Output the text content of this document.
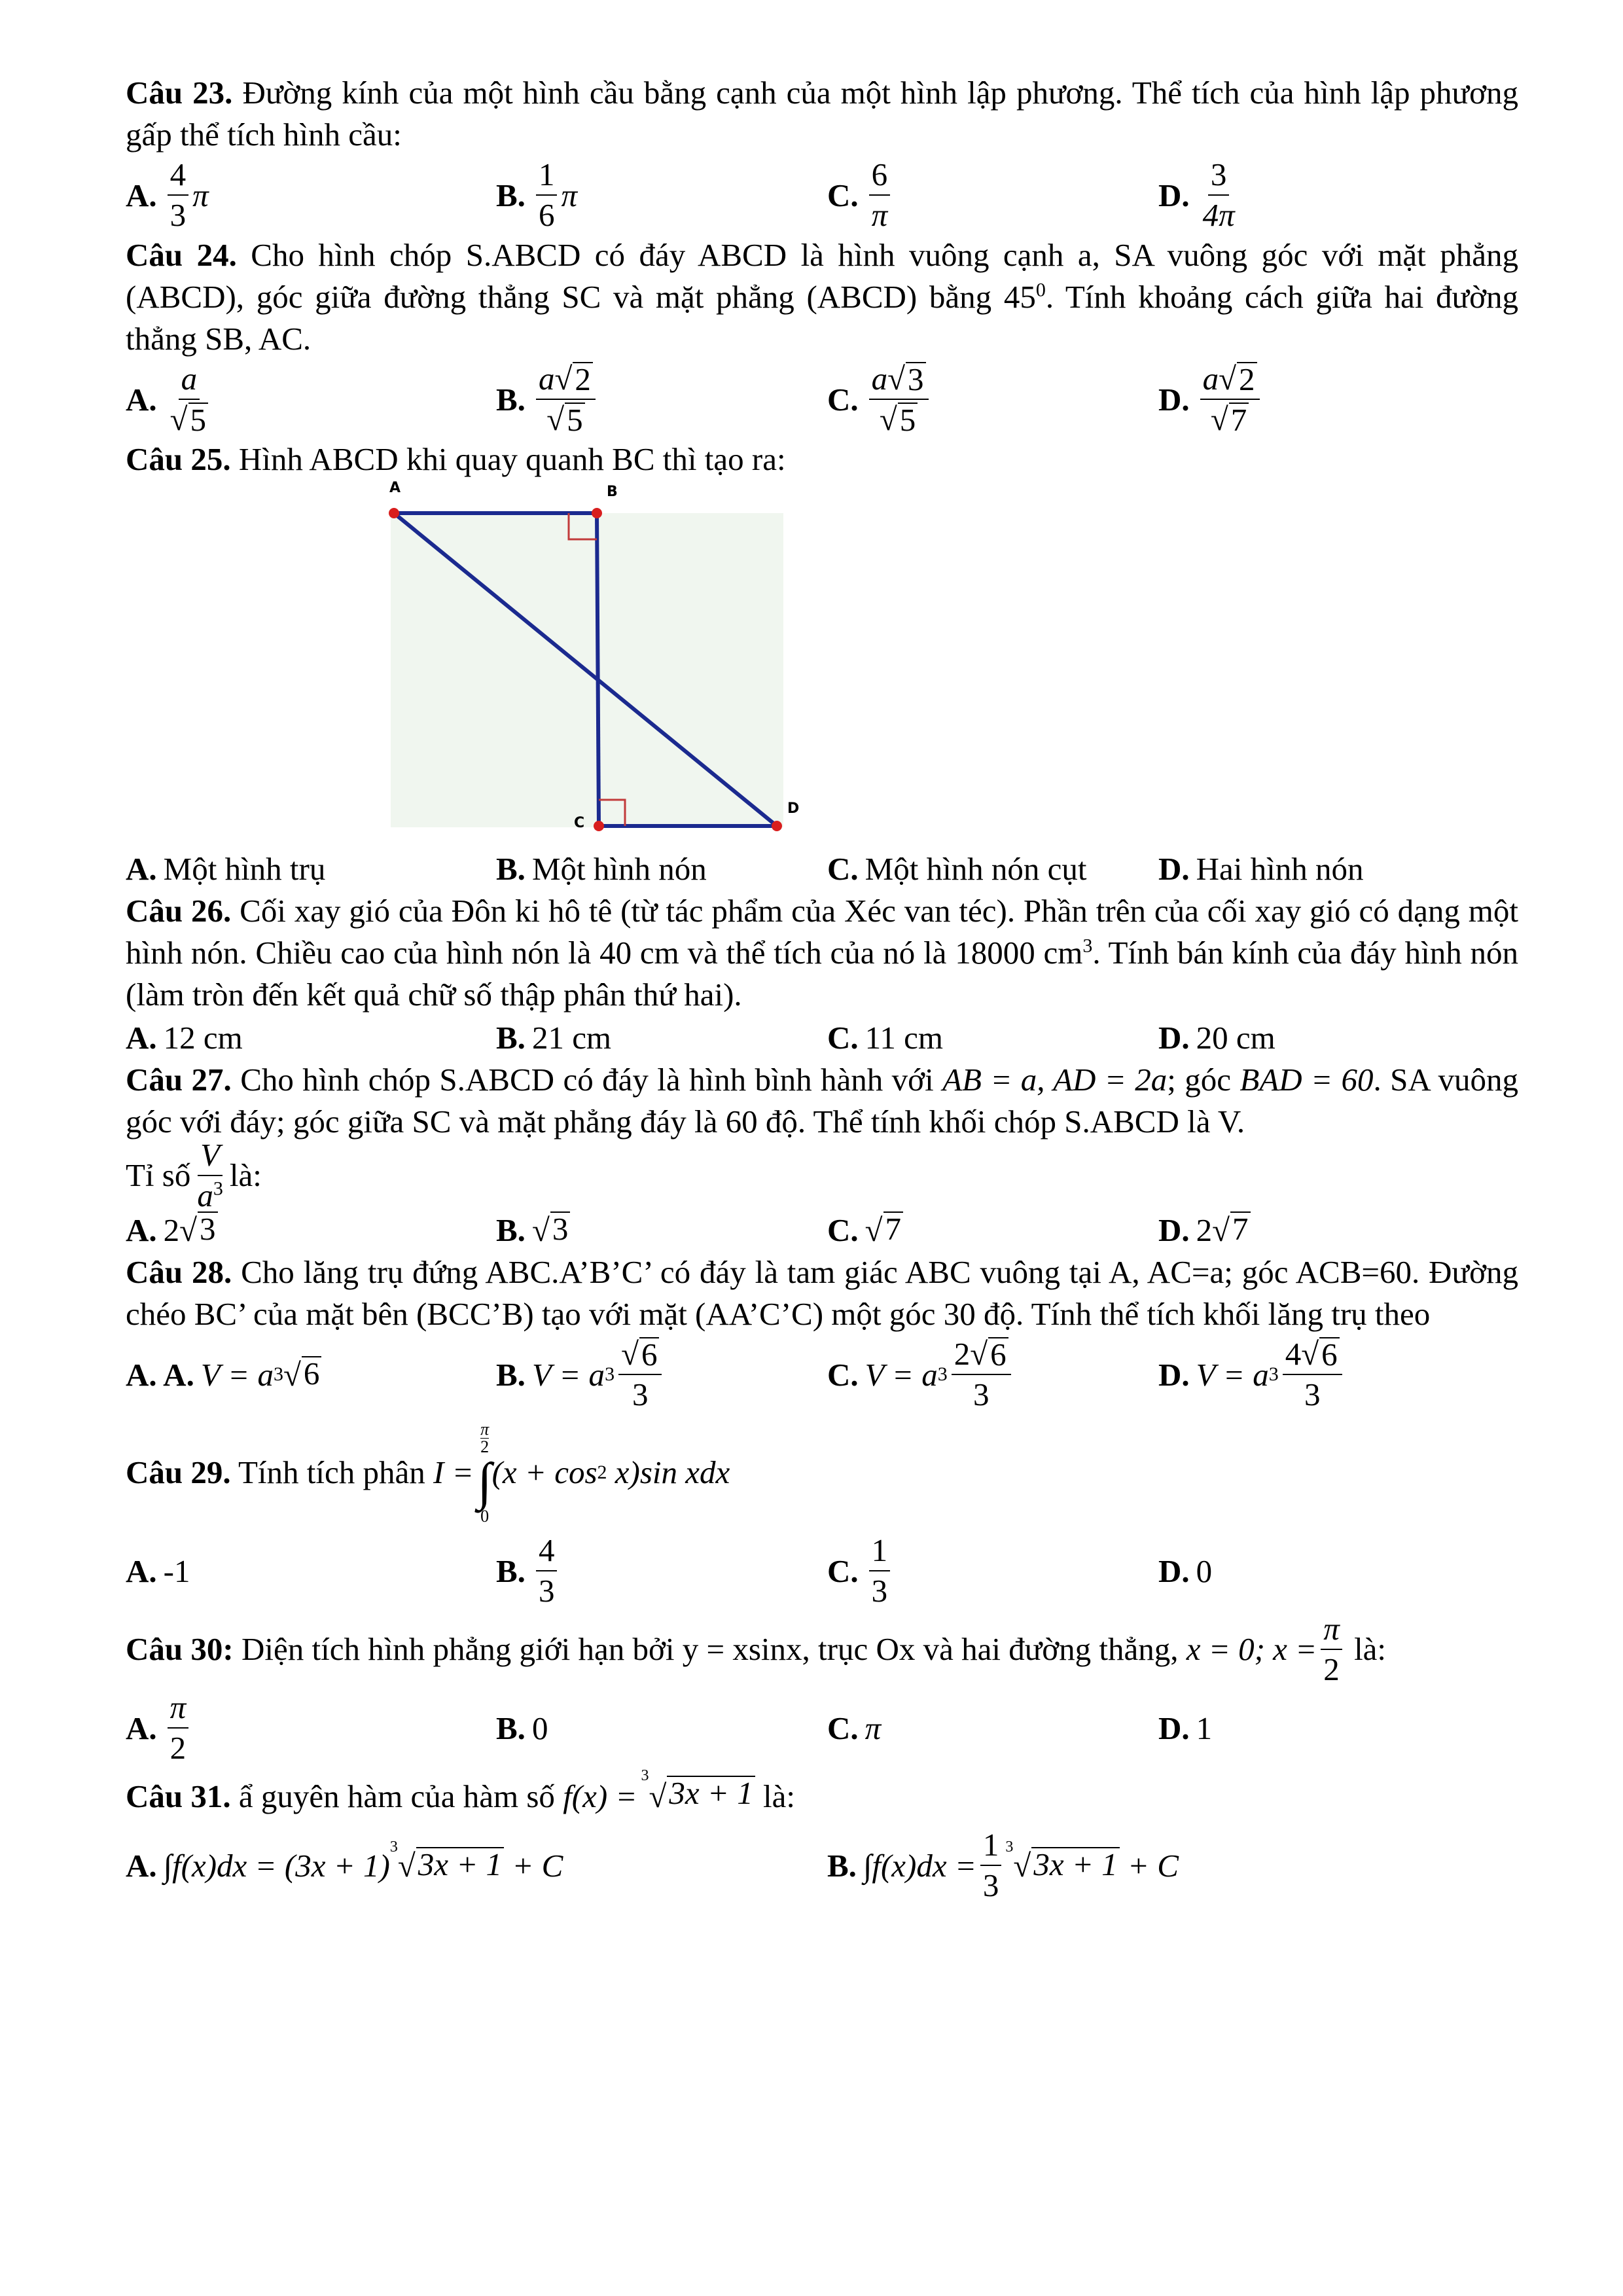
Câu 23. Đường kính của một hình cầu bằng cạnh của một hình lập phương. Thể tích của hình lập phương gấp thể tích hình cầu:
A. $\frac{4}{3}$ π	B. $\frac{1}{6}$ π	C. $\frac{6}{\pi}$	D. $\frac{3}{4\pi}$
Câu 24. Cho hình chóp S.ABCD có đáy ABCD là hình vuông cạnh a, SA vuông góc với mặt phẳng (ABCD), góc giữa đường thẳng SC và mặt phẳng (ABCD) bằng $45^0$. Tính khoảng cách giữa hai đường thẳng SB, AC.
A. $\frac{a}{√ 5}$	B. $\frac{a √ 2}{√ 5}$	C. $\frac{a √ 3}{√ 5}$	D. $\frac{a √ 2}{√ 7}$
Câu 25. Hình ABCD khi quay quanh BC thì tạo ra:
A	B
C
D
A. Một hình trụ	B. Một hình nón	C. Một hình nón cụt D. Hai hình nón
Câu 26. Cối xay gió của Đôn ki hô tê (từ tác phẩm của Xéc van téc). Phần trên của cối xay gió có dạng một hình nón. Chiều cao của hình nón là 40 cm và thể tích của nó là 18000 $cm^3$. Tính bán kính của đáy hình nón (làm tròn đến kết quả chữ số thập phân thứ hai).
A. 12 cm	B. 21 cm	C. 11 cm	D. 20 cm
Câu 27. Cho hình chóp S.ABCD có đáy là hình bình hành với AB = a, AD = 2a; góc BAD = 60. SA vuông góc với đáy; góc giữa SC và mặt phẳng đáy là 60 độ. Thể tính khối chóp S.ABCD là V.
Tỉ số $\frac{V}{a^3}$ là:
A. 2 √ 3	B. √ 3	C. √ 7	D. 2 √ 7
Câu 28. Cho lăng trụ đứng ABC.A’B’C’ có đáy là tam giác ABC vuông tại A, AC=a; góc ACB=60. Đường chéo BC’ của mặt bên (BCC’B) tạo với mặt (AA’C’C) một góc 30 độ. Tính thể tích khối lăng trụ theo
A. A. V = a 3 √ 6	B. V = a $3 \frac{√ 6}{3}$	C. V = a $3 \frac{2 √ 6}{3}$	D. V = a $3 \frac{4 √ 6}{3}$
Câu 29. Tính tích phân I =
π
2
∫
0
(x + cos 2 x)sin xdx
A. -1	B. $\frac{4}{3}$	C. $\frac{1}{3}$	D. 0
Câu 30: Diện tích hình phẳng giới hạn bởi y = xsinx, trục Ox và hai đường thẳng, x = 0; $x = \frac{\pi}{2}$ là:
A. $\frac{\pi}{2}$	B. 0	C. π	D. 1
Câu 31. ẩ guyên hàm của hàm số f(x) =
3
√ 3x + 1 là:
A. ∫f(x)dx = (3x + 1)
3
√ 3x + 1 + C	B. $\int f(x)dx = \frac{1}{3} 3$
√ 3x + 1 + C
